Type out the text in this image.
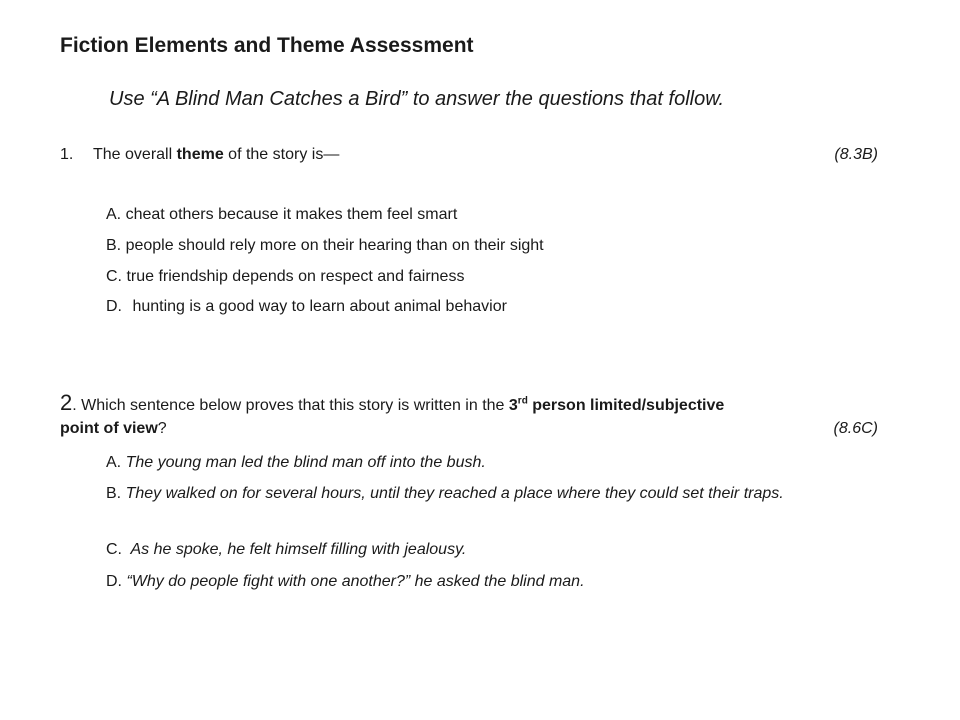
Fiction Elements and Theme Assessment
Use “A Blind Man Catches a Bird” to answer the questions that follow.
1. The overall theme of the story is—	(8.3B)
A. cheat others because it makes them feel smart
B. people should rely more on their hearing than on their sight
C. true friendship depends on respect and fairness
D. hunting is a good way to learn about animal behavior
2. Which sentence below proves that this story is written in the 3rd person limited/subjective
point of view?	(8.6C)
A. The young man led the blind man off into the bush.
B. They walked on for several hours, until they reached a place where they could set their traps.
C. As he spoke, he felt himself filling with jealousy.
D. “Why do people fight with one another?” he asked the blind man.
